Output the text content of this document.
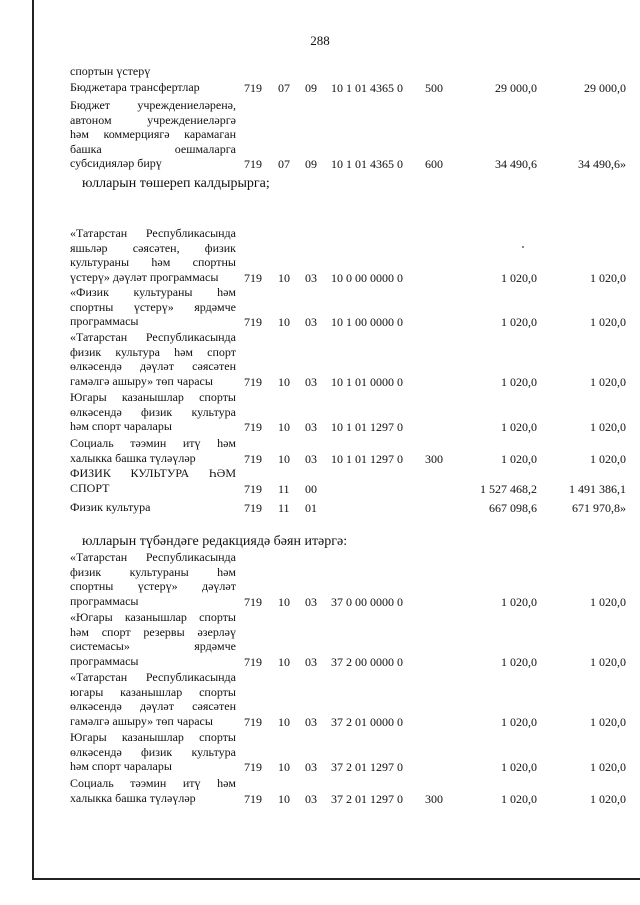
288
спортын үстерү
юлларын төшереп калдырырга;
юлларын түбәндәге редакциядә бәян итәргә:
Бюджетара трансфертлар	719 07 09 10 1 01 4365 0 500	29 000,0	29 000,0
Бюджет учреждениеләренә,
автоном учреждениеләргә
һәм коммерциягә карамаган
башка оешмаларга
субсидияләр бирү	719 07 09 10 1 01 4365 0 600	34 490,6	34 490,6»
«Татарстан Республикасында
яшьләр сәясәтен, физик
культураны һәм спортны
үстерү» дәүләт программасы	719 10 03 10 0 00 0000 0	1 020,0	1 020,0
«Физик культураны һәм
спортны үстерү» ярдәмче
программасы	719 10 03 10 1 00 0000 0	1 020,0	1 020,0
«Татарстан Республикасында
физик культура һәм спорт
өлкәсендә дәүләт сәясәтен
гамәлгә ашыру» төп чарасы	719 10 03 10 1 01 0000 0	1 020,0	1 020,0
Югары казанышлар спорты
өлкәсендә физик культура
һәм спорт чаралары	719 10 03 10 1 01 1297 0	1 020,0	1 020,0
Социаль тәэмин итү һәм
халыкка башка түләүләр	719 10 03 10 1 01 1297 0 300	1 020,0	1 020,0
ФИЗИК КУЛЬТУРА ҺӘМ
СПОРТ	719 11 00	1 527 468,2	1 491 386,1
Физик культура	719 11 01	667 098,6	671 970,8»
«Татарстан Республикасында
физик культураны һәм
спортны үстерү» дәүләт
программасы	719 10 03 37 0 00 0000 0	1 020,0	1 020,0
«Югары казанышлар спорты
һәм спорт резервы әзерләү
системасы» ярдәмче
программасы	719 10 03 37 2 00 0000 0	1 020,0	1 020,0
«Татарстан Республикасында
югары казанышлар спорты
өлкәсендә дәүләт сәясәтен
гамәлгә ашыру» төп чарасы	719 10 03 37 2 01 0000 0	1 020,0	1 020,0
Югары казанышлар спорты
өлкәсендә физик культура
һәм спорт чаралары	719 10 03 37 2 01 1297 0	1 020,0	1 020,0
Социаль тәэмин итү һәм
халыкка башка түләүләр	719 10 03 37 2 01 1297 0 300	1 020,0	1 020,0
